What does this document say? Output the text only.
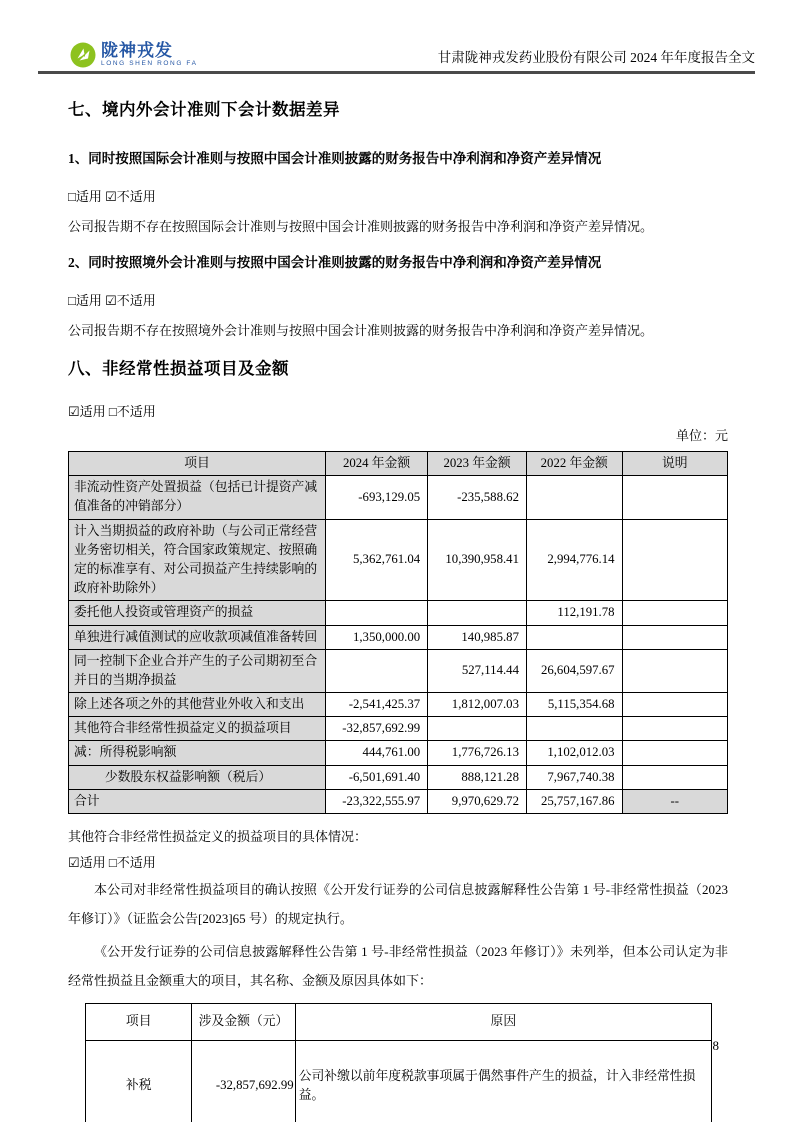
陇神戎发
LONG SHEN RONG FA	甘肃陇神戎发药业股份有限公司 2024 年年度报告全文
七、境内外会计准则下会计数据差异
1、同时按照国际会计准则与按照中国会计准则披露的财务报告中净利润和净资产差异情况
□适用 ☑不适用

公司报告期不存在按照国际会计准则与按照中国会计准则披露的财务报告中净利润和净资产差异情况。

2、同时按照境外会计准则与按照中国会计准则披露的财务报告中净利润和净资产差异情况
□适用 ☑不适用

公司报告期不存在按照境外会计准则与按照中国会计准则披露的财务报告中净利润和净资产差异情况。

八、非经常性损益项目及金额
☑适用 □不适用
单位：元
项目	2024 年金额	2023 年金额	2022 年金额	说明
非流动性资产处置损益（包括已计提资产减值准备的冲销部分）	-693,129.05	-235,588.62		
计入当期损益的政府补助（与公司正常经营业务密切相关，符合国家政策规定、按照确定的标准享有、对公司损益产生持续影响的政府补助除外）	5,362,761.04	10,390,958.41	2,994,776.14	
委托他人投资或管理资产的损益			112,191.78	
单独进行减值测试的应收款项减值准备转回	1,350,000.00	140,985.87		
同一控制下企业合并产生的子公司期初至合并日的当期净损益		527,114.44	26,604,597.67	
除上述各项之外的其他营业外收入和支出	-2,541,425.37	1,812,007.03	5,115,354.68	
其他符合非经常性损益定义的损益项目	-32,857,692.99			
减：所得税影响额	444,761.00	1,776,726.13	1,102,012.03	
少数股东权益影响额（税后）	-6,501,691.40	888,121.28	7,967,740.38	
合计	-23,322,555.97	9,970,629.72	25,757,167.86	--
其他符合非经常性损益定义的损益项目的具体情况：
☑适用 □不适用

本公司对非经常性损益项目的确认按照《公开发行证券的公司信息披露解释性公告第 1 号-非经常性损益（2023 年修订）》（证监会公告[2023]65 号）的规定执行。

《公开发行证券的公司信息披露解释性公告第 1 号-非经常性损益（2023 年修订）》未列举，但本公司认定为非经常性损益且金额重大的项目，其名称、金额及原因具体如下：

项目	涉及金额（元）	原因
补税	-32,857,692.99	公司补缴以前年度税款事项属于偶然事件产生的损益，计入非经常性损益。
8
